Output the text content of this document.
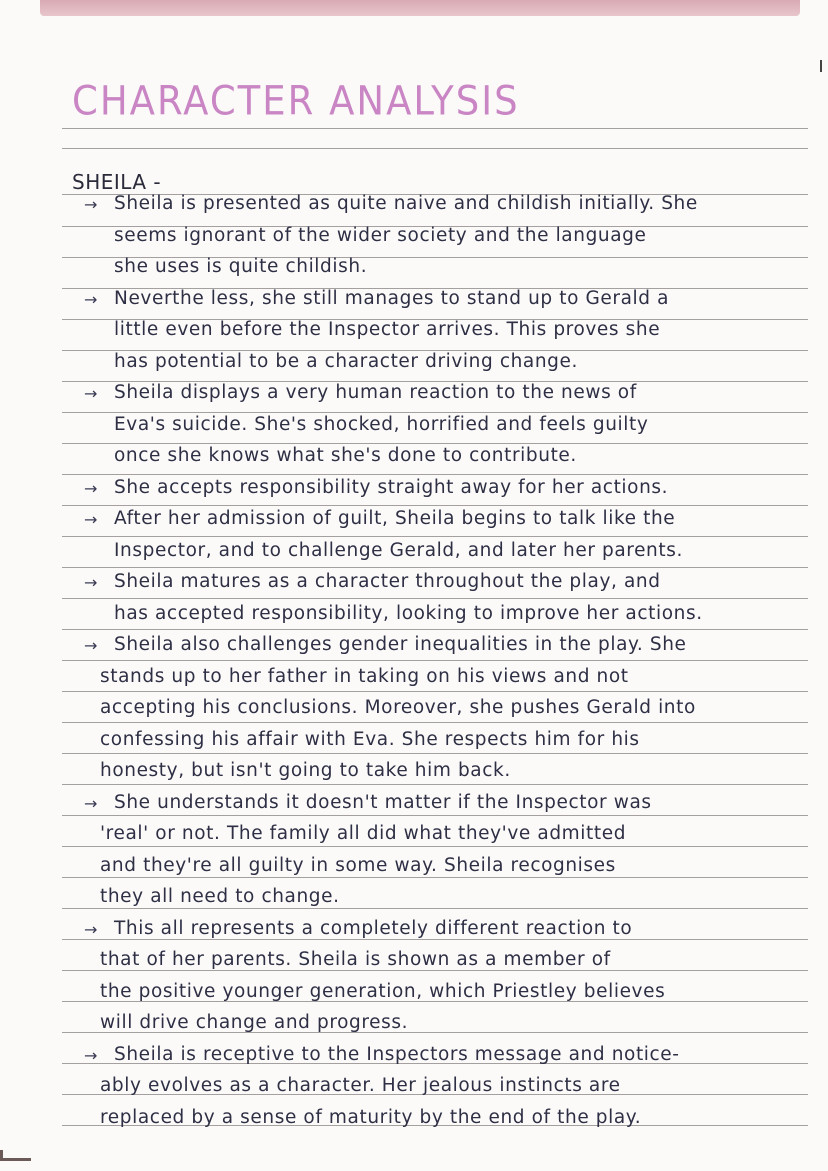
CHARACTER ANALYSIS
SHEILA -
→ Sheila is presented as quite naive and childish initially. She
seems ignorant of the wider society and the language
she uses is quite childish.
→ Neverthe less, she still manages to stand up to Gerald a
little even before the Inspector arrives. This proves she
has potential to be a character driving change.
→ Sheila displays a very human reaction to the news of
Eva's suicide. She's shocked, horrified and feels guilty
once she knows what she's done to contribute.
→ She accepts responsibility straight away for her actions.
→ After her admission of guilt, Sheila begins to talk like the
Inspector, and to challenge Gerald, and later her parents.
→ Sheila matures as a character throughout the play, and
has accepted responsibility, looking to improve her actions.
→ Sheila also challenges gender inequalities in the play. She
stands up to her father in taking on his views and not
accepting his conclusions. Moreover, she pushes Gerald into
confessing his affair with Eva. She respects him for his
honesty, but isn't going to take him back.
→ She understands it doesn't matter if the Inspector was
'real' or not. The family all did what they've admitted
and they're all guilty in some way. Sheila recognises
they all need to change.
→ This all represents a completely different reaction to
that of her parents. Sheila is shown as a member of
the positive younger generation, which Priestley believes
will drive change and progress.
→ Sheila is receptive to the Inspectors message and notice-
ably evolves as a character. Her jealous instincts are
replaced by a sense of maturity by the end of the play.
